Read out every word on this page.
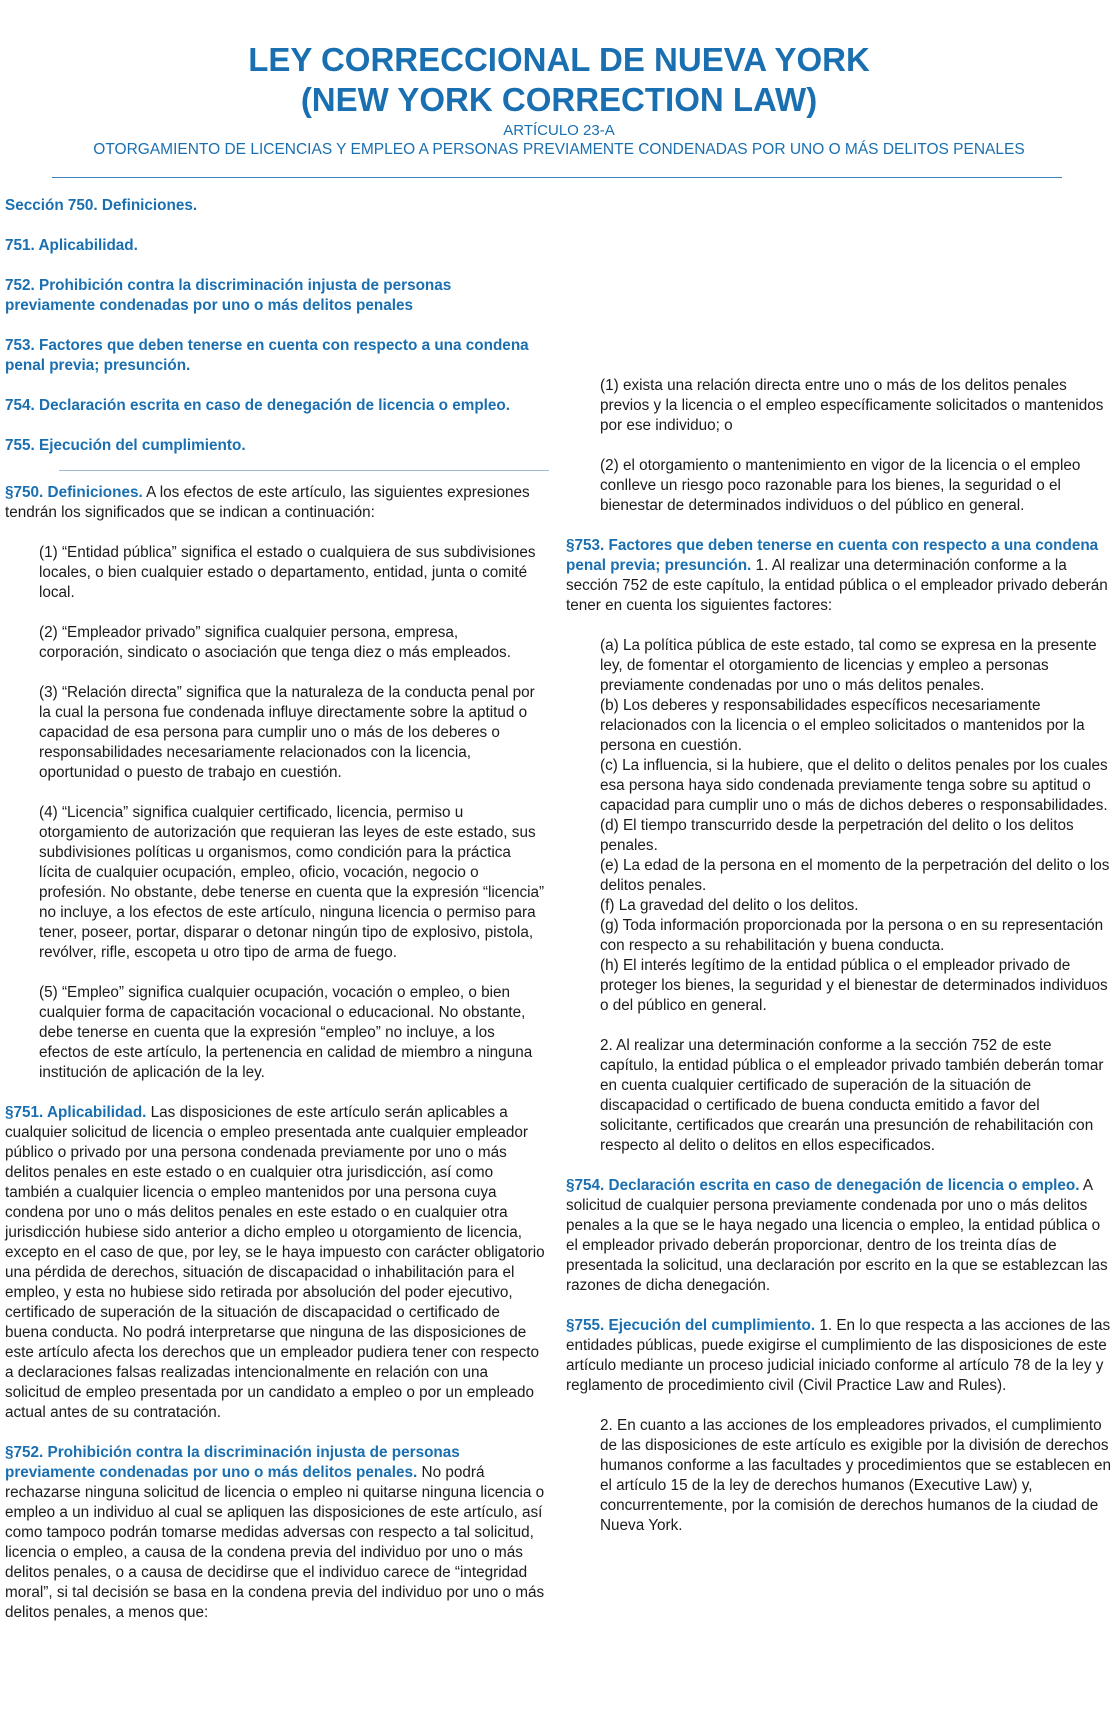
LEY CORRECCIONAL DE NUEVA YORK
(NEW YORK CORRECTION LAW)
ARTÍCULO 23-A
OTORGAMIENTO DE LICENCIAS Y EMPLEO A PERSONAS PREVIAMENTE CONDENADAS POR UNO O MÁS DELITOS PENALES
Sección 750. Definiciones.
751. Aplicabilidad.
752. Prohibición contra la discriminación injusta de personas previamente condenadas por uno o más delitos penales
753. Factores que deben tenerse en cuenta con respecto a una condena penal previa; presunción.
754. Declaración escrita en caso de denegación de licencia o empleo.
755. Ejecución del cumplimiento.
§750. Definiciones. A los efectos de este artículo, las siguientes expresiones tendrán los significados que se indican a continuación:
(1) “Entidad pública” significa el estado o cualquiera de sus subdivisiones locales, o bien cualquier estado o departamento, entidad, junta o comité local.
(2) “Empleador privado” significa cualquier persona, empresa, corporación, sindicato o asociación que tenga diez o más empleados.
(3) “Relación directa” significa que la naturaleza de la conducta penal por la cual la persona fue condenada influye directamente sobre la aptitud o capacidad de esa persona para cumplir uno o más de los deberes o responsabilidades necesariamente relacionados con la licencia, oportunidad o puesto de trabajo en cuestión.
(4) “Licencia” significa cualquier certificado, licencia, permiso u otorgamiento de autorización que requieran las leyes de este estado, sus subdivisiones políticas u organismos, como condición para la práctica lícita de cualquier ocupación, empleo, oficio, vocación, negocio o profesión. No obstante, debe tenerse en cuenta que la expresión “licencia” no incluye, a los efectos de este artículo, ninguna licencia o permiso para tener, poseer, portar, disparar o detonar ningún tipo de explosivo, pistola, revólver, rifle, escopeta u otro tipo de arma de fuego.
(5) “Empleo” significa cualquier ocupación, vocación o empleo, o bien cualquier forma de capacitación vocacional o educacional. No obstante, debe tenerse en cuenta que la expresión “empleo” no incluye, a los efectos de este artículo, la pertenencia en calidad de miembro a ninguna institución de aplicación de la ley.
§751. Aplicabilidad. Las disposiciones de este artículo serán aplicables a cualquier solicitud de licencia o empleo presentada ante cualquier empleador público o privado por una persona condenada previamente por uno o más delitos penales en este estado o en cualquier otra jurisdicción, así como también a cualquier licencia o empleo mantenidos por una persona cuya condena por uno o más delitos penales en este estado o en cualquier otra jurisdicción hubiese sido anterior a dicho empleo u otorgamiento de licencia, excepto en el caso de que, por ley, se le haya impuesto con carácter obligatorio una pérdida de derechos, situación de discapacidad o inhabilitación para el empleo, y esta no hubiese sido retirada por absolución del poder ejecutivo, certificado de superación de la situación de discapacidad o certificado de buena conducta. No podrá interpretarse que ninguna de las disposiciones de este artículo afecta los derechos que un empleador pudiera tener con respecto a declaraciones falsas realizadas intencionalmente en relación con una solicitud de empleo presentada por un candidato a empleo o por un empleado actual antes de su contratación.
§752. Prohibición contra la discriminación injusta de personas previamente condenadas por uno o más delitos penales. No podrá rechazarse ninguna solicitud de licencia o empleo ni quitarse ninguna licencia o empleo a un individuo al cual se apliquen las disposiciones de este artículo, así como tampoco podrán tomarse medidas adversas con respecto a tal solicitud, licencia o empleo, a causa de la condena previa del individuo por uno o más delitos penales, o a causa de decidirse que el individuo carece de “integridad moral”, si tal decisión se basa en la condena previa del individuo por uno o más delitos penales, a menos que:
(1) exista una relación directa entre uno o más de los delitos penales previos y la licencia o el empleo específicamente solicitados o mantenidos por ese individuo; o
(2) el otorgamiento o mantenimiento en vigor de la licencia o el empleo conlleve un riesgo poco razonable para los bienes, la seguridad o el bienestar de determinados individuos o del público en general.
§753. Factores que deben tenerse en cuenta con respecto a una condena penal previa; presunción. 1. Al realizar una determinación conforme a la sección 752 de este capítulo, la entidad pública o el empleador privado deberán tener en cuenta los siguientes factores:
(a) La política pública de este estado, tal como se expresa en la presente ley, de fomentar el otorgamiento de licencias y empleo a personas previamente condenadas por uno o más delitos penales.
(b) Los deberes y responsabilidades específicos necesariamente relacionados con la licencia o el empleo solicitados o mantenidos por la persona en cuestión.
(c) La influencia, si la hubiere, que el delito o delitos penales por los cuales esa persona haya sido condenada previamente tenga sobre su aptitud o capacidad para cumplir uno o más de dichos deberes o responsabilidades.
(d) El tiempo transcurrido desde la perpetración del delito o los delitos penales.
(e) La edad de la persona en el momento de la perpetración del delito o los delitos penales.
(f) La gravedad del delito o los delitos.
(g) Toda información proporcionada por la persona o en su representación con respecto a su rehabilitación y buena conducta.
(h) El interés legítimo de la entidad pública o el empleador privado de proteger los bienes, la seguridad y el bienestar de determinados individuos o del público en general.
2. Al realizar una determinación conforme a la sección 752 de este capítulo, la entidad pública o el empleador privado también deberán tomar en cuenta cualquier certificado de superación de la situación de discapacidad o certificado de buena conducta emitido a favor del solicitante, certificados que crearán una presunción de rehabilitación con respecto al delito o delitos en ellos especificados.
§754. Declaración escrita en caso de denegación de licencia o empleo. A solicitud de cualquier persona previamente condenada por uno o más delitos penales a la que se le haya negado una licencia o empleo, la entidad pública o el empleador privado deberán proporcionar, dentro de los treinta días de presentada la solicitud, una declaración por escrito en la que se establezcan las razones de dicha denegación.
§755. Ejecución del cumplimiento. 1. En lo que respecta a las acciones de las entidades públicas, puede exigirse el cumplimiento de las disposiciones de este artículo mediante un proceso judicial iniciado conforme al artículo 78 de la ley y reglamento de procedimiento civil (Civil Practice Law and Rules).
2. En cuanto a las acciones de los empleadores privados, el cumplimiento de las disposiciones de este artículo es exigible por la división de derechos humanos conforme a las facultades y procedimientos que se establecen en el artículo 15 de la ley de derechos humanos (Executive Law) y, concurrentemente, por la comisión de derechos humanos de la ciudad de Nueva York.
